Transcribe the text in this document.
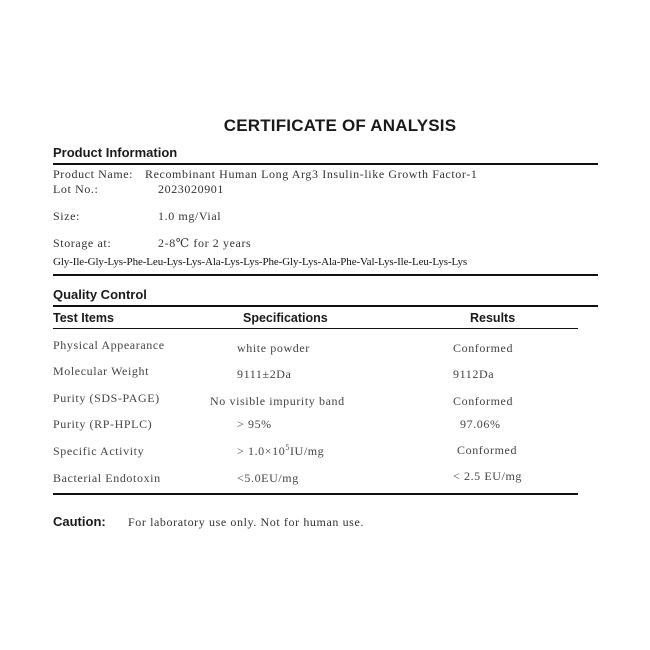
CERTIFICATE OF ANALYSIS
Product Information
Product Name: Recombinant Human Long Arg3 Insulin-like Growth Factor-1
Lot No.:	2023020901
Size:	1.0 mg/Vial
Storage at:	2-8℃ for 2 years
Gly-Ile-Gly-Lys-Phe-Leu-Lys-Lys-Ala-Lys-Lys-Phe-Gly-Lys-Ala-Phe-Val-Lys-Ile-Leu-Lys-Lys
Quality Control
Test Items	Specifications	Results
Physical Appearance	white powder	Conformed
Molecular Weight	9111±2Da	9112Da
Purity (SDS-PAGE)	No visible impurity band	Conformed
Purity (RP-HPLC)	> 95%	97.06%
Specific Activity	> $1.0\times 10^5IU/mg$	Conformed
Bacterial Endotoxin	<5.0EU/mg	< 2.5 EU/mg
Caution: For laboratory use only. Not for human use.
